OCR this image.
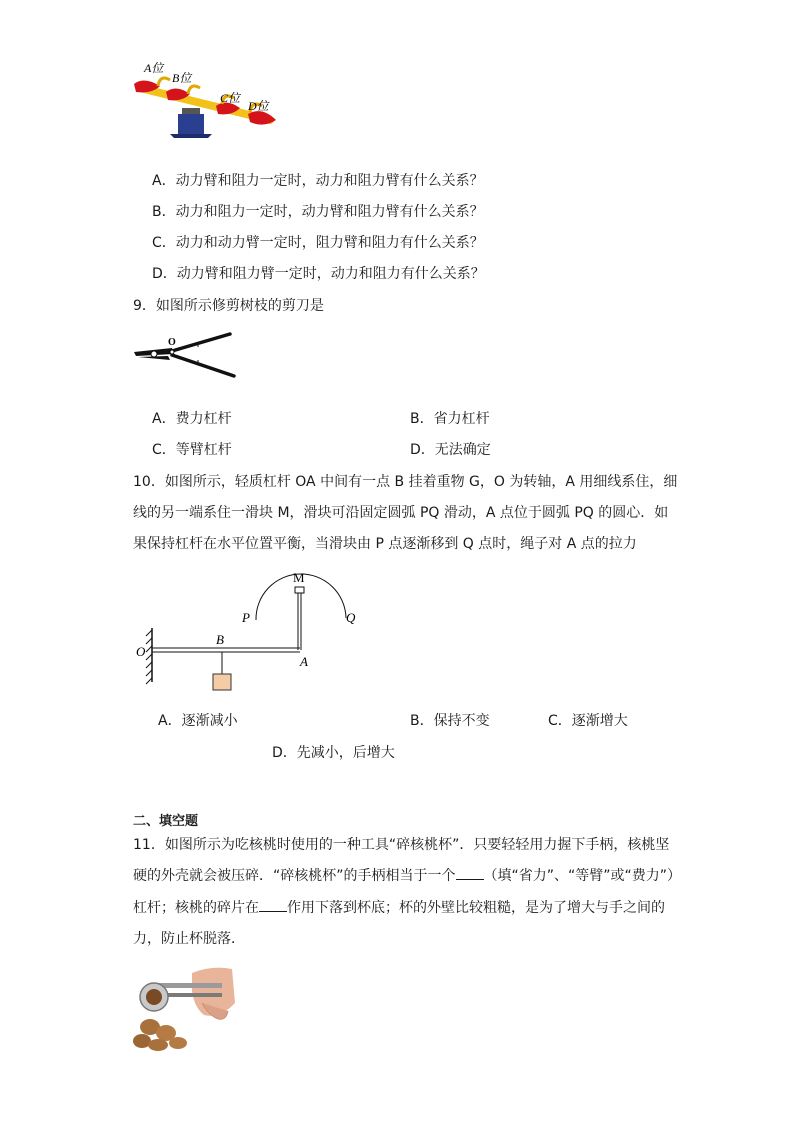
A位
B位
C位
D位
A．动力臂和阻力一定时，动力和阻力臂有什么关系？
B．动力和阻力一定时，动力臂和阻力臂有什么关系？
C．动力和动力臂一定时，阻力臂和阻力有什么关系？
D．动力臂和阻力臂一定时，动力和阻力有什么关系？
9．如图所示修剪树枝的剪刀是
O
A．费力杠杆	B．省力杠杆
C．等臂杠杆	D．无法确定
10．如图所示，轻质杠杆 OA 中间有一点 B 挂着重物 G，O 为转轴，A 用细线系住，细
线的另一端系住一滑块 M，滑块可沿固定圆弧 PQ 滑动，A 点位于圆弧 PQ 的圆心．如
果保持杠杆在水平位置平衡，当滑块由 P 点逐渐移到 Q 点时，绳子对 A 点的拉力
M
P	Q
O
B
A
A．逐渐减小	B．保持不变	C．逐渐增大
D．先减小，后增大
二、填空题
11．如图所示为吃核桃时使用的一种工具“碎核桃杯”．只要轻轻用力握下手柄，核桃坚
硬的外壳就会被压碎．“碎核桃杯”的手柄相当于一个 （填“省力”、“等臂”或“费力”）
杠杆；核桃的碎片在 作用下落到杯底；杯的外壁比较粗糙，是为了增大与手之间的
力，防止杯脱落．
